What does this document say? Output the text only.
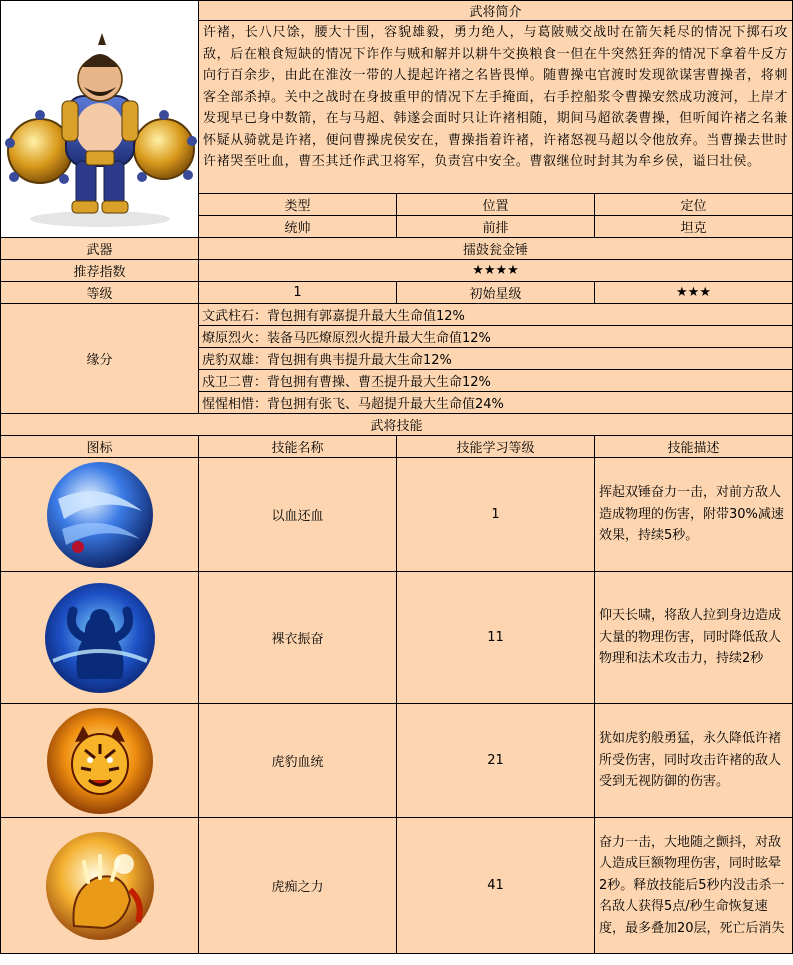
	武将简介		
	许褚，长八尺馀，腰大十围，容貌雄毅，勇力绝人，与葛陂贼交战时在箭矢耗尽的情况下掷石攻敌，后在粮食短缺的情况下诈作与贼和解并以耕牛交换粮食一但在牛突然狂奔的情况下拿着牛反方向行百余步，由此在淮汝一带的人提起许褚之名皆畏惮。随曹操屯官渡时发现欲谋害曹操者，将刺客全部杀掉。关中之战时在身披重甲的情况下左手掩面，右手控船浆令曹操安然成功渡河，上岸才发现早已身中数箭，在与马超、韩遂会面时只让许褚相随，期间马超欲袭曹操，但听闻许褚之名兼怀疑从骑就是许褚，便问曹操虎侯安在，曹操指着许褚，许褚怒视马超以令他放弃。当曹操去世时许褚哭至吐血，曹丕其迁作武卫将军，负责宫中安全。曹叡继位时封其为牟乡侯，谥曰壮侯。		
	类型	位置	定位
	统帅	前排	坦克
武器	擂鼓瓮金锤		
推荐指数	★★★★		
等级	1	初始星级	★★★
缘分	文武柱石：背包拥有郭嘉提升最大生命值12%		
	燎原烈火：装备马匹燎原烈火提升最大生命值12%		
	虎豹双雄：背包拥有典韦提升最大生命12%		
	戍卫二曹：背包拥有曹操、曹丕提升最大生命12%		
	惺惺相惜：背包拥有张飞、马超提升最大生命值24%		
武将技能			
图标	技能名称	技能学习等级	技能描述

	以血还血	1	挥起双锤奋力一击，对前方敌人造成物理的伤害，附带30%减速效果，持续5秒。

	裸衣振奋	11	仰天长啸，将敌人拉到身边造成大量的物理伤害，同时降低敌人物理和法术攻击力，持续2秒

	虎豹血统	21	犹如虎豹般勇猛，永久降低许褚所受伤害，同时攻击许褚的敌人受到无视防御的伤害。

	虎痴之力	41	奋力一击，大地随之颤抖，对敌人造成巨额物理伤害，同时眩晕2秒。释放技能后5秒内没击杀一名敌人获得5点/秒生命恢复速度，最多叠加20层，死亡后消失
